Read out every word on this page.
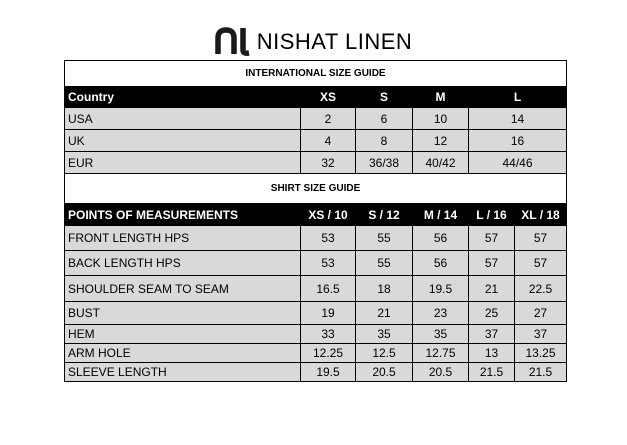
NISHAT LINEN
INTERNATIONAL SIZE GUIDE					
Country	XS	S	M	L	
USA	2	6	10	14	
UK	4	8	12	16	
EUR	32	36/38	40/42	44/46	
SHIRT SIZE GUIDE					
POINTS OF MEASUREMENTS	XS / 10	S / 12	M / 14	L / 16	XL / 18
FRONT LENGTH HPS	53	55	56	57	57
BACK LENGTH HPS	53	55	56	57	57
SHOULDER SEAM TO SEAM	16.5	18	19.5	21	22.5
BUST	19	21	23	25	27
HEM	33	35	35	37	37
ARM HOLE	12.25	12.5	12.75	13	13.25
SLEEVE LENGTH	19.5	20.5	20.5	21.5	21.5
